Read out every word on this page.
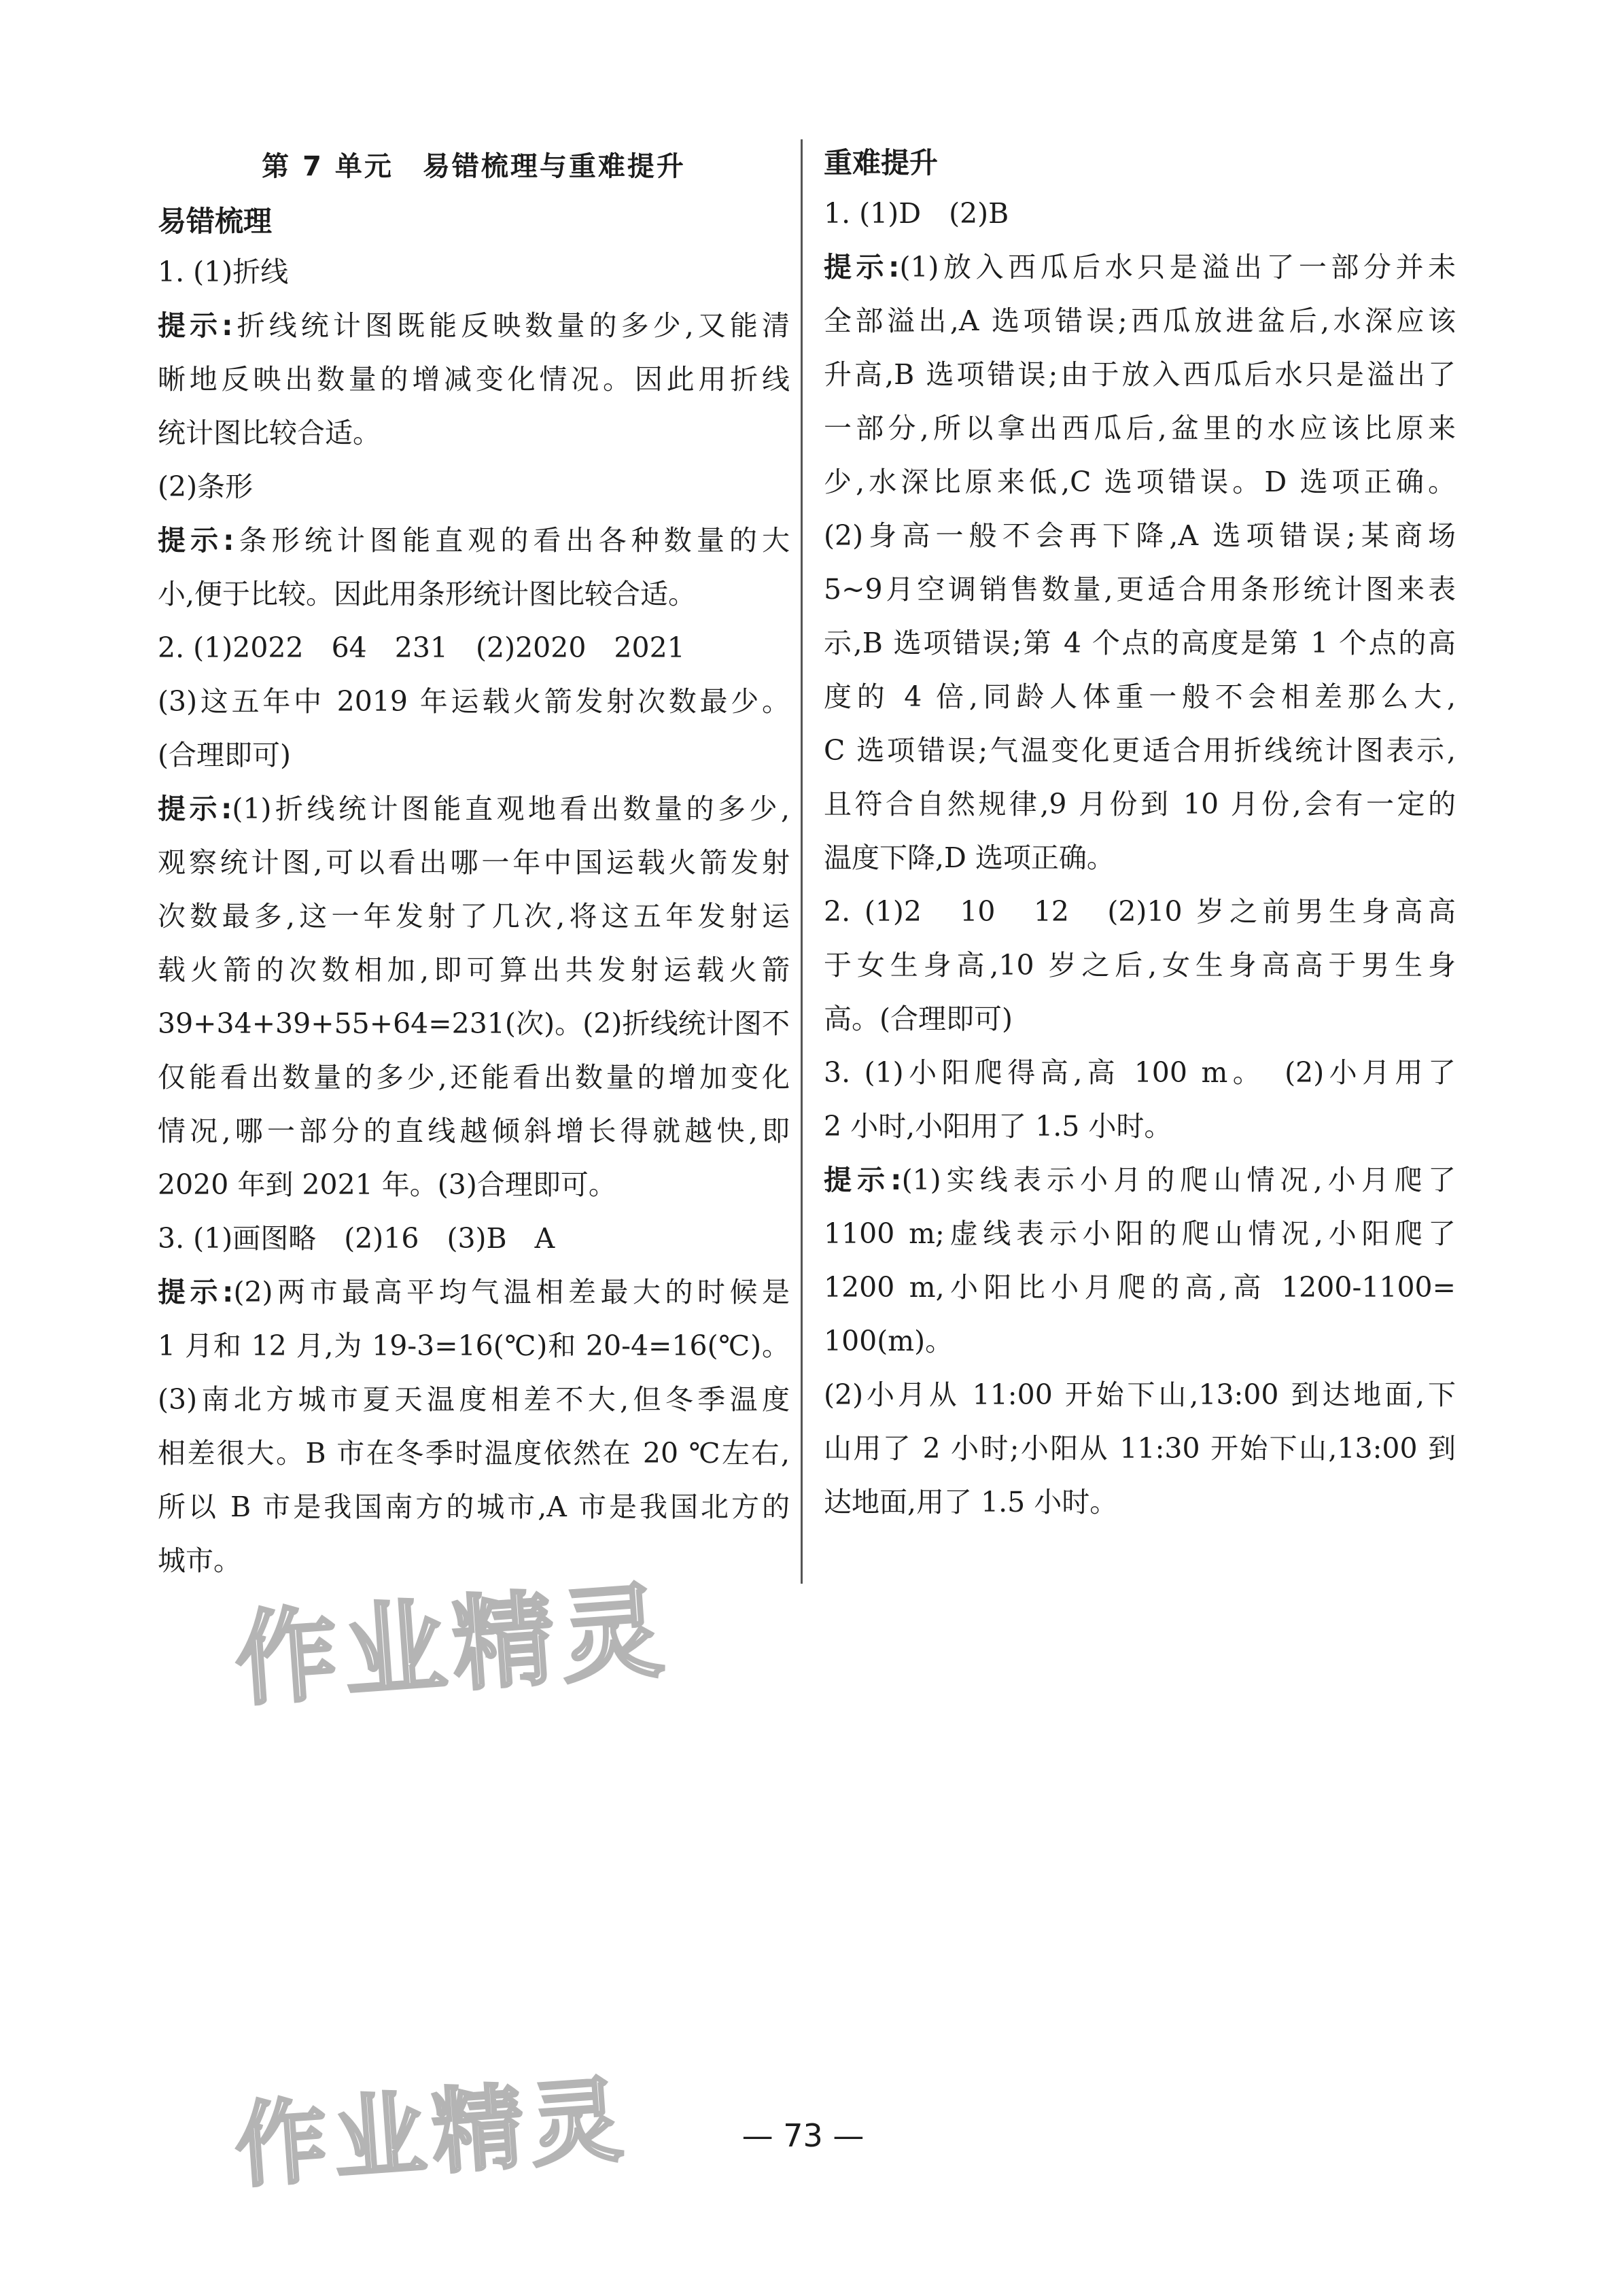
第 7 单元　易错梳理与重难提升
易错梳理
1. (1)折线
提示:折线统计图既能反映数量的多少,又能清
晰地反映出数量的增减变化情况。因此用折线
统计图比较合适。
(2)条形
提示:条形统计图能直观的看出各种数量的大
小,便于比较。因此用条形统计图比较合适。
2. (1)2022　64　231　(2)2020　2021
(3)这五年中 2019 年运载火箭发射次数最少。
(合理即可)
提示:(1)折线统计图能直观地看出数量的多少,
观察统计图,可以看出哪一年中国运载火箭发射
次数最多,这一年发射了几次,将这五年发射运
载火箭的次数相加,即可算出共发射运载火箭
39+34+39+55+64=231(次)。(2)折线统计图不
仅能看出数量的多少,还能看出数量的增加变化
情况,哪一部分的直线越倾斜增长得就越快,即
2020 年到 2021 年。(3)合理即可。
3. (1)画图略　(2)16　(3)B　A
提示:(2)两市最高平均气温相差最大的时候是
1 月和 12 月,为 19-3=16(℃)和 20-4=16(℃)。
(3)南北方城市夏天温度相差不大,但冬季温度
相差很大。B 市在冬季时温度依然在 20 ℃左右,
所以 B 市是我国南方的城市,A 市是我国北方的
城市。
重难提升
1. (1)D　(2)B
提示:(1)放入西瓜后水只是溢出了一部分并未
全部溢出,A 选项错误;西瓜放进盆后,水深应该
升高,B 选项错误;由于放入西瓜后水只是溢出了
一部分,所以拿出西瓜后,盆里的水应该比原来
少,水深比原来低,C 选项错误。D 选项正确。
(2)身高一般不会再下降,A 选项错误;某商场
5~9月空调销售数量,更适合用条形统计图来表
示,B 选项错误;第 4 个点的高度是第 1 个点的高
度的 4 倍,同龄人体重一般不会相差那么大,
C 选项错误;气温变化更适合用折线统计图表示,
且符合自然规律,9 月份到 10 月份,会有一定的
温度下降,D 选项正确。
2. (1)2　10　12　(2)10 岁之前男生身高高
于女生身高,10 岁之后,女生身高高于男生身
高。(合理即可)
3. (1)小阳爬得高,高 100 m。　(2)小月用了
2 小时,小阳用了 1.5 小时。
提示:(1)实线表示小月的爬山情况,小月爬了
1100 m;虚线表示小阳的爬山情况,小阳爬了
1200 m,小阳比小月爬的高,高 1200-1100=
100(m)。
(2)小月从 11:00 开始下山,13:00 到达地面,下
山用了 2 小时;小阳从 11:30 开始下山,13:00 到
达地面,用了 1.5 小时。
作业精灵
作业精灵	— 73 —
